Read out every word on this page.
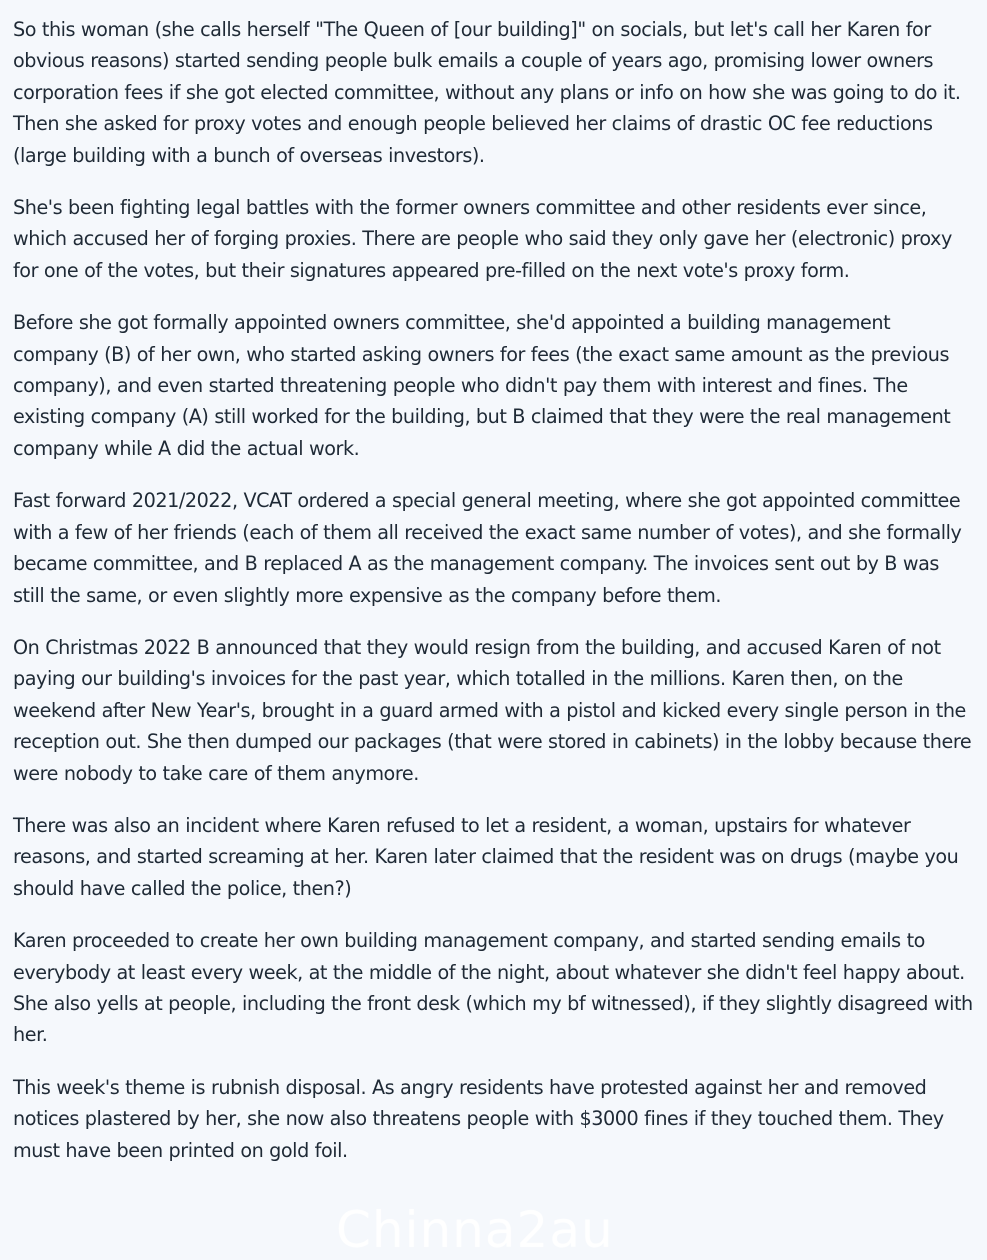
So this woman (she calls herself "The Queen of [our building]" on socials, but let's call her Karen for obvious reasons) started sending people bulk emails a couple of years ago, promising lower owners corporation fees if she got elected committee, without any plans or info on how she was going to do it. Then she asked for proxy votes and enough people believed her claims of drastic OC fee reductions (large building with a bunch of overseas investors).

She's been fighting legal battles with the former owners committee and other residents ever since, which accused her of forging proxies. There are people who said they only gave her (electronic) proxy for one of the votes, but their signatures appeared pre-filled on the next vote's proxy form.

Before she got formally appointed owners committee, she'd appointed a building management company (B) of her own, who started asking owners for fees (the exact same amount as the previous company), and even started threatening people who didn't pay them with interest and fines. The existing company (A) still worked for the building, but B claimed that they were the real management company while A did the actual work.

Fast forward 2021/2022, VCAT ordered a special general meeting, where she got appointed committee with a few of her friends (each of them all received the exact same number of votes), and she formally became committee, and B replaced A as the management company. The invoices sent out by B was still the same, or even slightly more expensive as the company before them.

On Christmas 2022 B announced that they would resign from the building, and accused Karen of not paying our building's invoices for the past year, which totalled in the millions. Karen then, on the weekend after New Year's, brought in a guard armed with a pistol and kicked every single person in the reception out. She then dumped our packages (that were stored in cabinets) in the lobby because there were nobody to take care of them anymore.

There was also an incident where Karen refused to let a resident, a woman, upstairs for whatever reasons, and started screaming at her. Karen later claimed that the resident was on drugs (maybe you should have called the police, then?)

Karen proceeded to create her own building management company, and started sending emails to everybody at least every week, at the middle of the night, about whatever she didn't feel happy about. She also yells at people, including the front desk (which my bf witnessed), if they slightly disagreed with her.

This week's theme is rubnish disposal. As angry residents have protested against her and removed notices plastered by her, she now also threatens people with $3000 fines if they touched them. They must have been printed on gold foil.

Chinna2au
